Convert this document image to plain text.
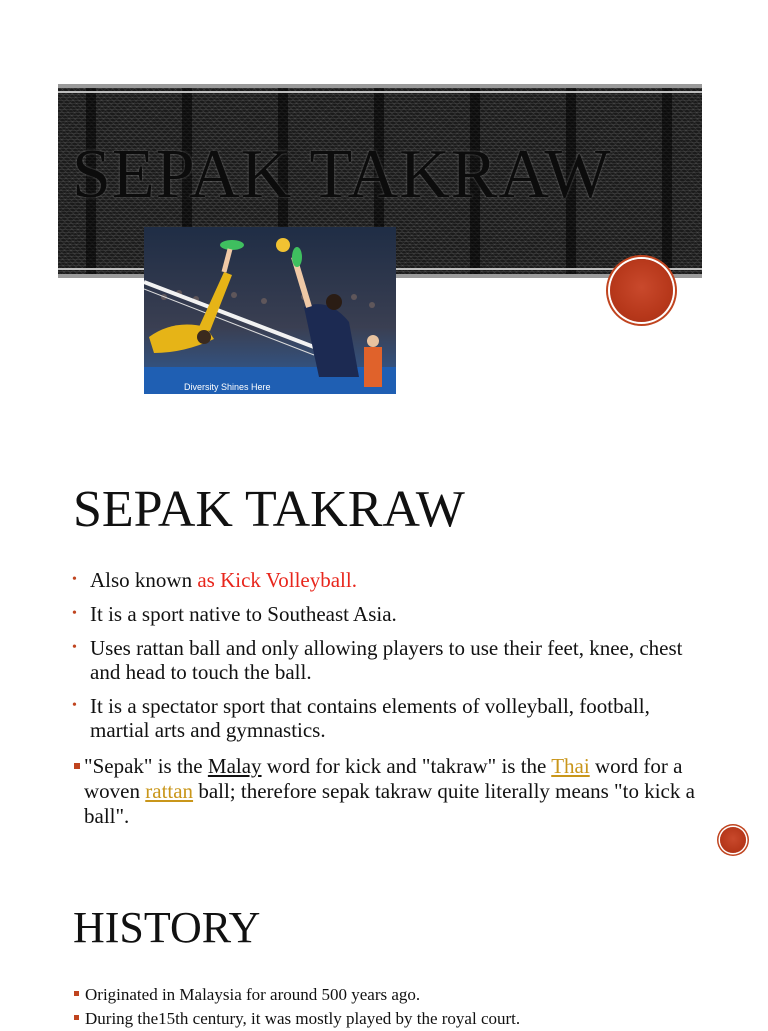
SEPAK TAKRAW
Diversity Shines Here
SEPAK TAKRAW
• Also known as Kick Volleyball.
• It is a sport native to Southeast Asia.
• Uses rattan ball and only allowing players to use their feet, knee, chest and head to touch the ball.
• It is a spectator sport that contains elements of volleyball, football, martial arts and gymnastics.
"Sepak" is the Malay word for kick and "takraw" is the Thai word for a woven rattan ball; therefore sepak takraw quite literally means "to kick a ball".
HISTORY
Originated in Malaysia for around 500 years ago.
During the15th century, it was mostly played by the royal court.
